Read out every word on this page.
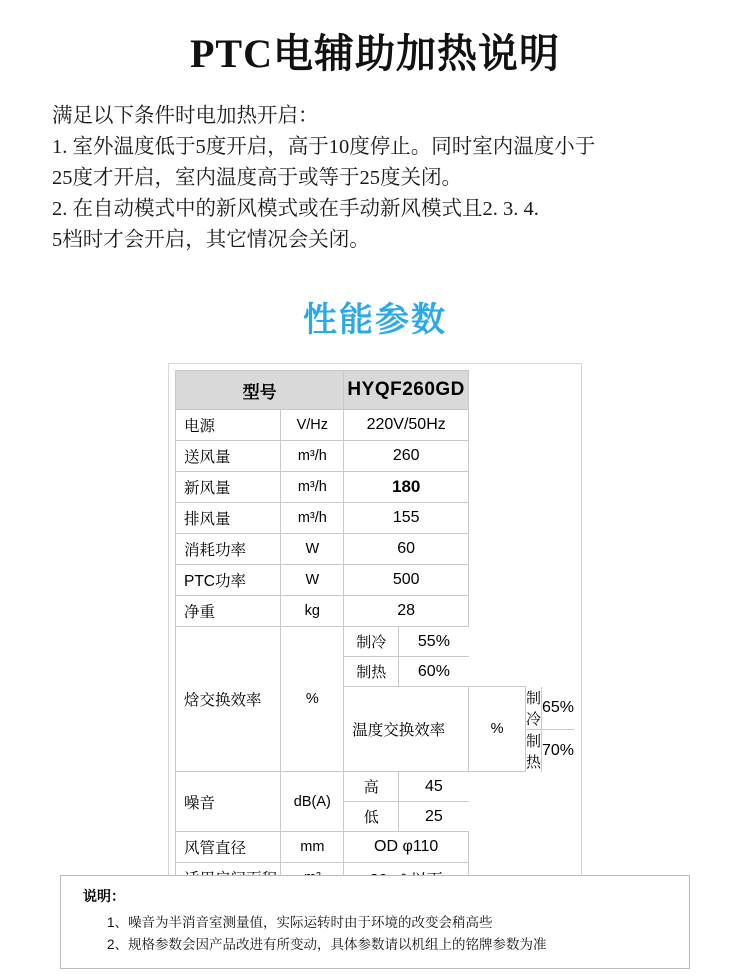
PTC电辅助加热说明
满足以下条件时电加热开启：
1. 室外温度低于5度开启，高于10度停止。同时室内温度小于
25度才开启，室内温度高于或等于25度关闭。
2. 在自动模式中的新风模式或在手动新风模式且2. 3. 4.
5档时才会开启，其它情况会关闭。
性能参数
型号	HYQF260GD
电源	V/Hz	220V/50Hz
送风量	m³/h	260
新风量	m³/h	180
排风量	m³/h	155
消耗功率	W	60
PTC功率	W	500
净重	kg	28
焓交换效率	%	
制冷	55%
制热	60%

温度交换效率	%	
制冷	65%
制热	70%

噪音	dB(A)	
高	45
低	25

风管直径	mm	OD φ110

说明：
1、噪音为半消音室测量值，实际运转时由于环境的改变会稍高些
2、规格参数会因产品改进有所变动，具体参数请以机组上的铭牌参数为准
